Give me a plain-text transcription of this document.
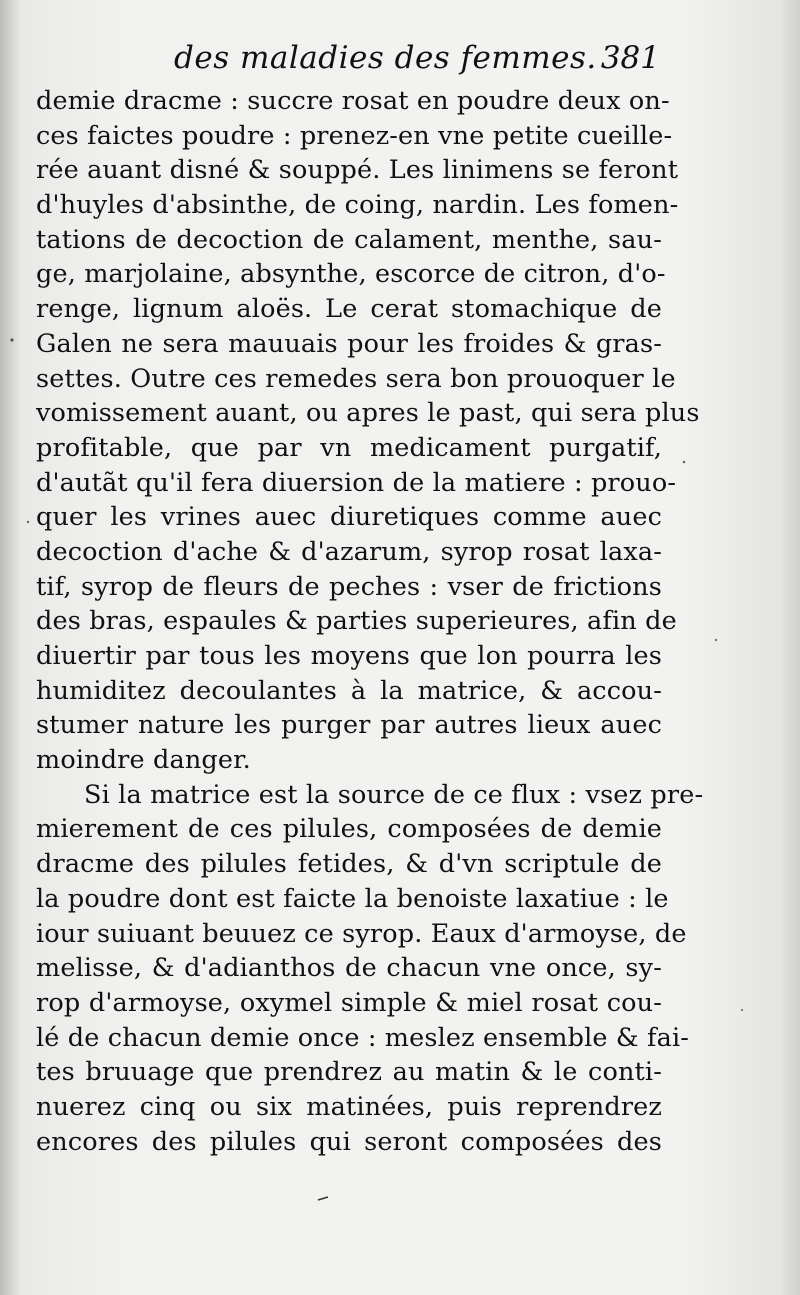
des maladies des femmes. 381
demie dracme : succre rosat en poudre deux on-
ces faictes poudre : prenez-en vne petite cueille-
rée auant disné & souppé. Les linimens se feront
d'huyles d'absinthe, de coing, nardin. Les fomen-
tations de decoction de calament, menthe, sau-
ge, marjolaine, absynthe, escorce de citron, d'o-
renge, lignum aloës. Le cerat stomachique de
Galen ne sera mauuais pour les froides & gras-
settes. Outre ces remedes sera bon prouoquer le
vomissement auant, ou apres le past, qui sera plus
profitable, que par vn medicament purgatif,
d'autãt qu'il fera diuersion de la matiere : prouo-
quer les vrines auec diuretiques comme auec
decoction d'ache & d'azarum, syrop rosat laxa-
tif, syrop de fleurs de peches : vser de frictions
des bras, espaules & parties superieures, afin de
diuertir par tous les moyens que lon pourra les
humiditez decoulantes à la matrice, & accou-
stumer nature les purger par autres lieux auec
moindre danger.
Si la matrice est la source de ce flux : vsez pre-
mierement de ces pilules, composées de demie
dracme des pilules fetides, & d'vn scriptule de
la poudre dont est faicte la benoiste laxatiue : le
iour suiuant beuuez ce syrop. Eaux d'armoyse, de
melisse, & d'adianthos de chacun vne once, sy-
rop d'armoyse, oxymel simple & miel rosat cou-
lé de chacun demie once : meslez ensemble & fai-
tes bruuage que prendrez au matin & le conti-
nuerez cinq ou six matinées, puis reprendrez
encores des pilules qui seront composées des
